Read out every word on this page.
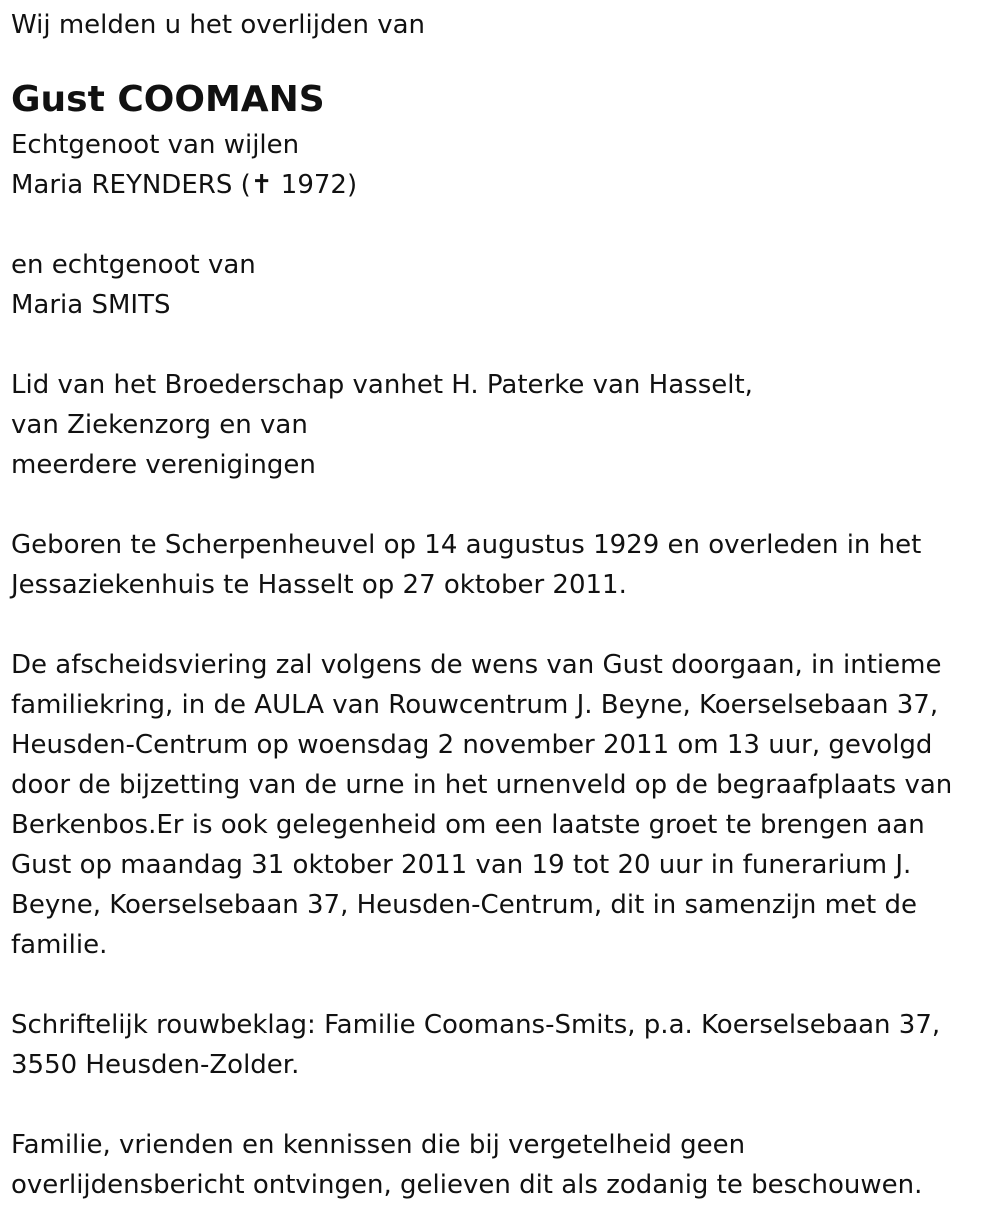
Wij melden u het overlijden van
Gust COOMANS
Echtgenoot van wijlen
Maria REYNDERS (✝ 1972)
en echtgenoot van
Maria SMITS
Lid van het Broederschap vanhet H. Paterke van Hasselt,
van Ziekenzorg en van
meerdere verenigingen
Geboren te Scherpenheuvel op 14 augustus 1929 en overleden in het
Jessaziekenhuis te Hasselt op 27 oktober 2011.
De afscheidsviering zal volgens de wens van Gust doorgaan, in intieme
familiekring, in de AULA van Rouwcentrum J. Beyne, Koerselsebaan 37,
Heusden-Centrum op woensdag 2 november 2011 om 13 uur, gevolgd
door de bijzetting van de urne in het urnenveld op de begraafplaats van
Berkenbos.Er is ook gelegenheid om een laatste groet te brengen aan
Gust op maandag 31 oktober 2011 van 19 tot 20 uur in funerarium J.
Beyne, Koerselsebaan 37, Heusden-Centrum, dit in samenzijn met de
familie.
Schriftelijk rouwbeklag: Familie Coomans-Smits, p.a. Koerselsebaan 37,
3550 Heusden-Zolder.
Familie, vrienden en kennissen die bij vergetelheid geen
overlijdensbericht ontvingen, gelieven dit als zodanig te beschouwen.
